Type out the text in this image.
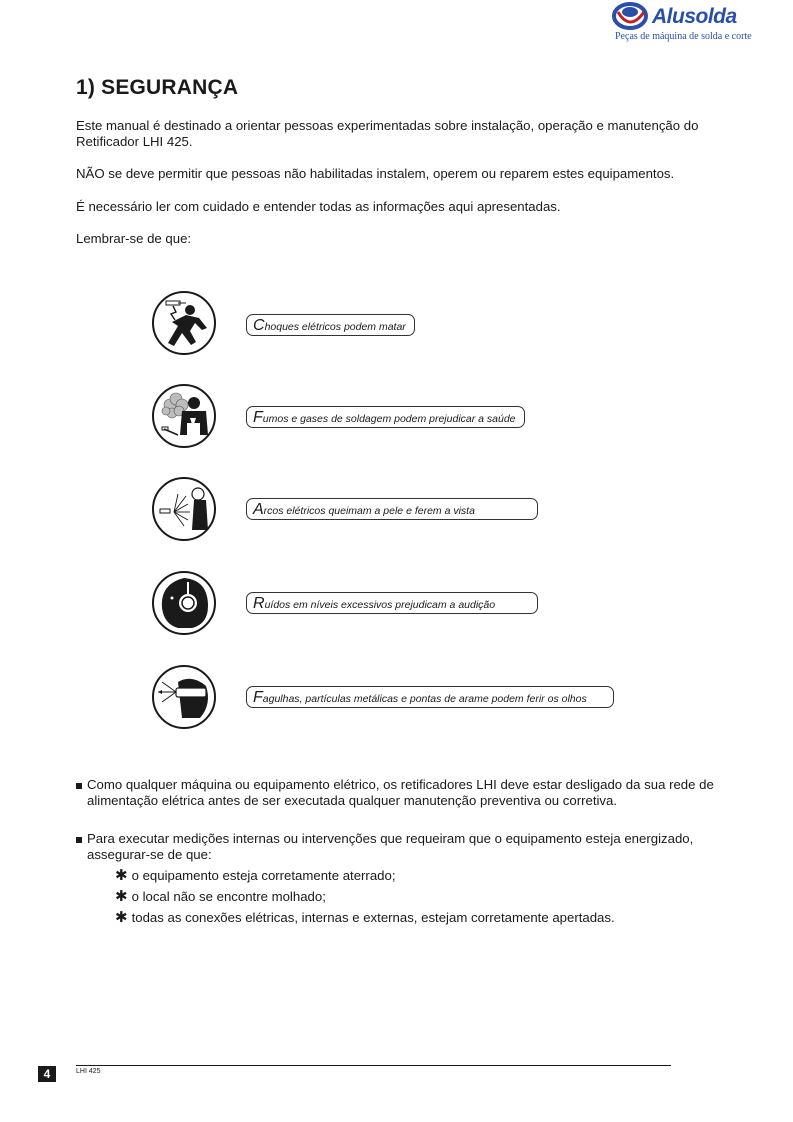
Alusolda
Peças de máquina de solda e corte
1) SEGURANÇA

Este manual é destinado a orientar pessoas experimentadas sobre instalação, operação e manutenção do Retificador LHI 425.

NÃO se deve permitir que pessoas não habilitadas instalem, operem ou reparem estes equipamentos.

É necessário ler com cuidado e entender todas as informações aqui apresentadas.

Lembrar-se de que:

Choques elétricos podem matar
Fumos e gases de soldagem podem prejudicar a saúde
Arcos elétricos queimam a pele e ferem a vista
Ruídos em níveis excessivos prejudicam a audição
Fagulhas, partículas metálicas e pontas de arame podem ferir os olhos
Como qualquer máquina ou equipamento elétrico, os retificadores LHI deve estar desligado da sua rede de alimentação elétrica antes de ser executada qualquer manutenção preventiva ou corretiva.
Para executar medições internas ou intervenções que requeiram que o equipamento esteja energizado, assegurar-se de que:
✱ o equipamento esteja corretamente aterrado;
✱ o local não se encontre molhado;
✱ todas as conexões elétricas, internas e externas, estejam corretamente apertadas.
4	LHI 425
